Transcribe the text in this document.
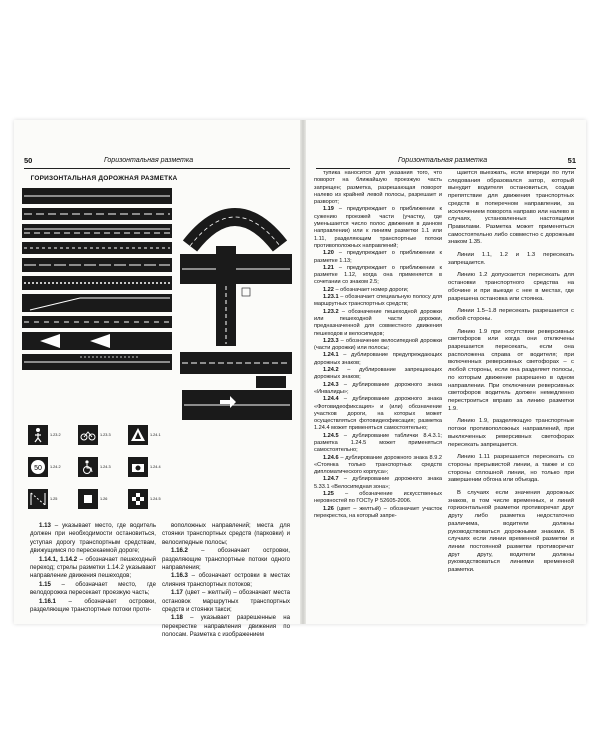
50	Горизонтальная разметка
ГОРИЗОНТАЛЬНАЯ ДОРОЖНАЯ РАЗМЕТКА
1.23.2	1.23.3	1.24.1
50 1.24.2	1.24.3	1.24.4
1.25	1.26	1.24.5

1.13 – указывает место, где водитель должен при необходимости остановиться, уступая дорогу транспортным средствам, движущимся по пересекаемой дороге;

1.14.1, 1.14.2 – обозначает пешеходный переход; стрелы разметки 1.14.2 указывают направление движения пешеходов;

1.15 – обозначает место, где велодорожка пересекает проезжую часть;

1.16.1 – обозначает островки, разделяющие транспортные потоки проти-

воположных направлений; места для стоянки транспортных средств (парковки) и велосипедные полосы;

1.16.2 – обозначает островки, разделяющие транспортные потоки одного направления;

1.16.3 – обозначает островки в местах слияния транспортных потоков;

1.17 (цвет – желтый) – обозначает места остановок маршрутных транспортных средств и стоянки такси;

1.18 – указывает разрешенные на перекрестке направления движения по полосам. Разметка с изображением

Горизонтальная разметка	51

тупика наносится для указания того, что поворот на ближайшую проезжую часть запрещен; разметка, разрешающая поворот налево из крайней левой полосы, разрешает и разворот;

1.19 – предупреждает о приближении к сужению проезжей части (участку, где уменьшается число полос движения в данном направлении) или к линиям разметки 1.1 или 1.11, разделяющим транспортные потоки противоположных направлений;

1.20 – предупреждает о приближении к разметке 1.13;

1.21 – предупреждает о приближении к разметке 1.12, когда она применяется в сочетании со знаком 2.5;

1.22 – обозначает номер дороги;

1.23.1 – обозначает специальную полосу для маршрутных транспортных средств;

1.23.2 – обозначение пешеходной дорожки или пешеходной части дорожки, предназначенной для совместного движения пешеходов и велосипедов;

1.23.3 – обозначение велосипедной дорожки (части дорожки) или полосы;

1.24.1 – дублирование предупреждающих дорожных знаков;

1.24.2 – дублирование запрещающих дорожных знаков;

1.24.3 – дублирование дорожного знака «Инвалиды»;

1.24.4 – дублирование дорожного знака «Фотовидеофиксация» и (или) обозначение участков дороги, на которых может осуществляться фотовидеофиксация; разметка 1.24.4 может применяться самостоятельно;

1.24.5 – дублирование таблички 8.4.3.1; разметка 1.24.5 может применяться самостоятельно;

1.24.6 – дублирование дорожного знака 8.9.2 «Стоянка только транспортных средств дипломатического корпуса»;

1.24.7 – дублирование дорожного знака 5.33.1 «Велосипедная зона»;

1.25 – обозначение искусственных неровностей по ГОСТу Р 52605-2006.

1.26 (цвет – желтый) – обозначает участок перекрестка, на который запре-

щается выезжать, если впереди по пути следования образовался затор, который вынудит водителя остановиться, создав препятствие для движения транспортных средств в поперечном направлении, за исключением поворота направо или налево в случаях, установленных настоящими Правилами. Разметка может применяться самостоятельно либо совместно с дорожным знаком 1.35.

Линии 1.1, 1.2 и 1.3 пересекать запрещается.

Линию 1.2 допускается пересекать для остановки транспортного средства на обочине и при выезде с нее в местах, где разрешена остановка или стоянка.

Линии 1.5–1.8 пересекать разрешается с любой стороны.

Линию 1.9 при отсутствии реверсивных светофоров или когда они отключены разрешается пересекать, если она расположена справа от водителя; при включенных реверсивных светофорах – с любой стороны, если она разделяет полосы, по которым движение разрешено в одном направлении. При отключении реверсивных светофоров водитель должен немедленно перестроиться вправо за линию разметки 1.9.

Линию 1.9, разделяющую транспортные потоки противоположных направлений, при выключенных реверсивных светофорах пересекать запрещается.

Линию 1.11 разрешается пересекать со стороны прерывистой линии, а также и со стороны сплошной линии, но только при завершении обгона или объезда.

В случаях если значения дорожных знаков, в том числе временных, и линий горизонтальной разметки противоречат друг другу либо разметка недостаточно различима, водители должны руководствоваться дорожными знаками. В случаях если линии временной разметки и линии постоянной разметки противоречат друг другу, водители должны руководствоваться линиями временной разметки.
